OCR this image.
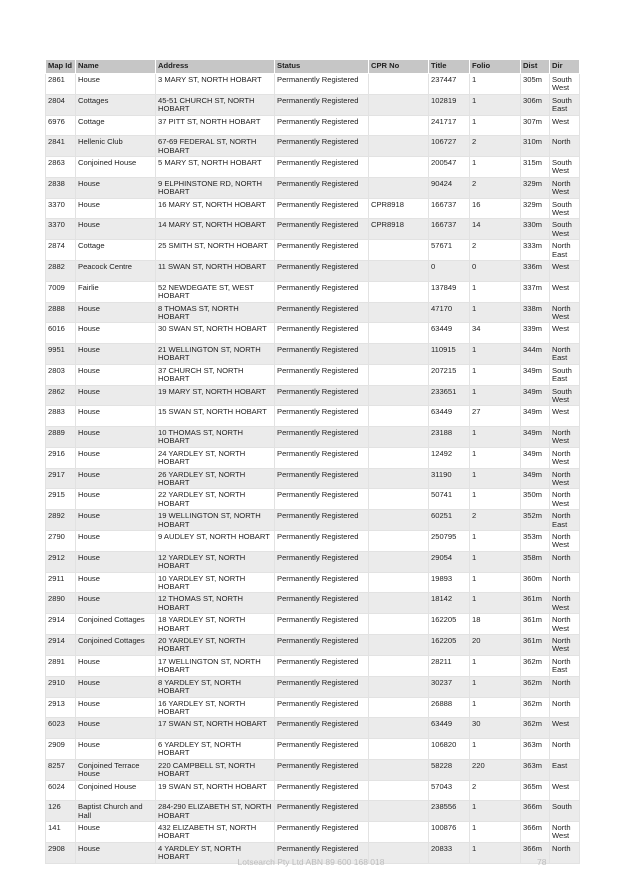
Map Id	Name	Address	Status	CPR No	Title	Folio	Dist	Dir
2861	House	3 MARY ST, NORTH HOBART	Permanently Registered		237447	1	305m	South West
2804	Cottages	45-51 CHURCH ST, NORTH HOBART	Permanently Registered		102819	1	306m	South East
6976	Cottage	37 PITT ST, NORTH HOBART	Permanently Registered		241717	1	307m	West
2841	Hellenic Club	67-69 FEDERAL ST, NORTH HOBART	Permanently Registered		106727	2	310m	North
2863	Conjoined House	5 MARY ST, NORTH HOBART	Permanently Registered		200547	1	315m	South West
2838	House	9 ELPHINSTONE RD, NORTH HOBART	Permanently Registered		90424	2	329m	North West
3370	House	16 MARY ST, NORTH HOBART	Permanently Registered	CPR8918	166737	16	329m	South West
3370	House	14 MARY ST, NORTH HOBART	Permanently Registered	CPR8918	166737	14	330m	South West
2874	Cottage	25 SMITH ST, NORTH HOBART	Permanently Registered		57671	2	333m	North East
2882	Peacock Centre	11 SWAN ST, NORTH HOBART	Permanently Registered		0	0	336m	West
7009	Fairlie	52 NEWDEGATE ST, WEST HOBART	Permanently Registered		137849	1	337m	West
2888	House	8 THOMAS ST, NORTH HOBART	Permanently Registered		47170	1	338m	North West
6016	House	30 SWAN ST, NORTH HOBART	Permanently Registered		63449	34	339m	West
9951	House	21 WELLINGTON ST, NORTH HOBART	Permanently Registered		110915	1	344m	North East
2803	House	37 CHURCH ST, NORTH HOBART	Permanently Registered		207215	1	349m	South East
2862	House	19 MARY ST, NORTH HOBART	Permanently Registered		233651	1	349m	South West
2883	House	15 SWAN ST, NORTH HOBART	Permanently Registered		63449	27	349m	West
2889	House	10 THOMAS ST, NORTH HOBART	Permanently Registered		23188	1	349m	North West
2916	House	24 YARDLEY ST, NORTH HOBART	Permanently Registered		12492	1	349m	North West
2917	House	26 YARDLEY ST, NORTH HOBART	Permanently Registered		31190	1	349m	North West
2915	House	22 YARDLEY ST, NORTH HOBART	Permanently Registered		50741	1	350m	North West
2892	House	19 WELLINGTON ST, NORTH HOBART	Permanently Registered		60251	2	352m	North East
2790	House	9 AUDLEY ST, NORTH HOBART	Permanently Registered		250795	1	353m	North West
2912	House	12 YARDLEY ST, NORTH HOBART	Permanently Registered		29054	1	358m	North
2911	House	10 YARDLEY ST, NORTH HOBART	Permanently Registered		19893	1	360m	North
2890	House	12 THOMAS ST, NORTH HOBART	Permanently Registered		18142	1	361m	North West
2914	Conjoined Cottages	18 YARDLEY ST, NORTH HOBART	Permanently Registered		162205	18	361m	North West
2914	Conjoined Cottages	20 YARDLEY ST, NORTH HOBART	Permanently Registered		162205	20	361m	North West
2891	House	17 WELLINGTON ST, NORTH HOBART	Permanently Registered		28211	1	362m	North East
2910	House	8 YARDLEY ST, NORTH HOBART	Permanently Registered		30237	1	362m	North
2913	House	16 YARDLEY ST, NORTH HOBART	Permanently Registered		26888	1	362m	North
6023	House	17 SWAN ST, NORTH HOBART	Permanently Registered		63449	30	362m	West
2909	House	6 YARDLEY ST, NORTH HOBART	Permanently Registered		106820	1	363m	North
8257	Conjoined Terrace House	220 CAMPBELL ST, NORTH HOBART	Permanently Registered		58228	220	363m	East
6024	Conjoined House	19 SWAN ST, NORTH HOBART	Permanently Registered		57043	2	365m	West
126	Baptist Church and Hall	284-290 ELIZABETH ST, NORTH HOBART	Permanently Registered		238556	1	366m	South
141	House	432 ELIZABETH ST, NORTH HOBART	Permanently Registered		100876	1	366m	North West
2908	House	4 YARDLEY ST, NORTH HOBART	Permanently Registered		20833	1	366m	North
Lotsearch Pty Ltd ABN 89 600 168 018	78
